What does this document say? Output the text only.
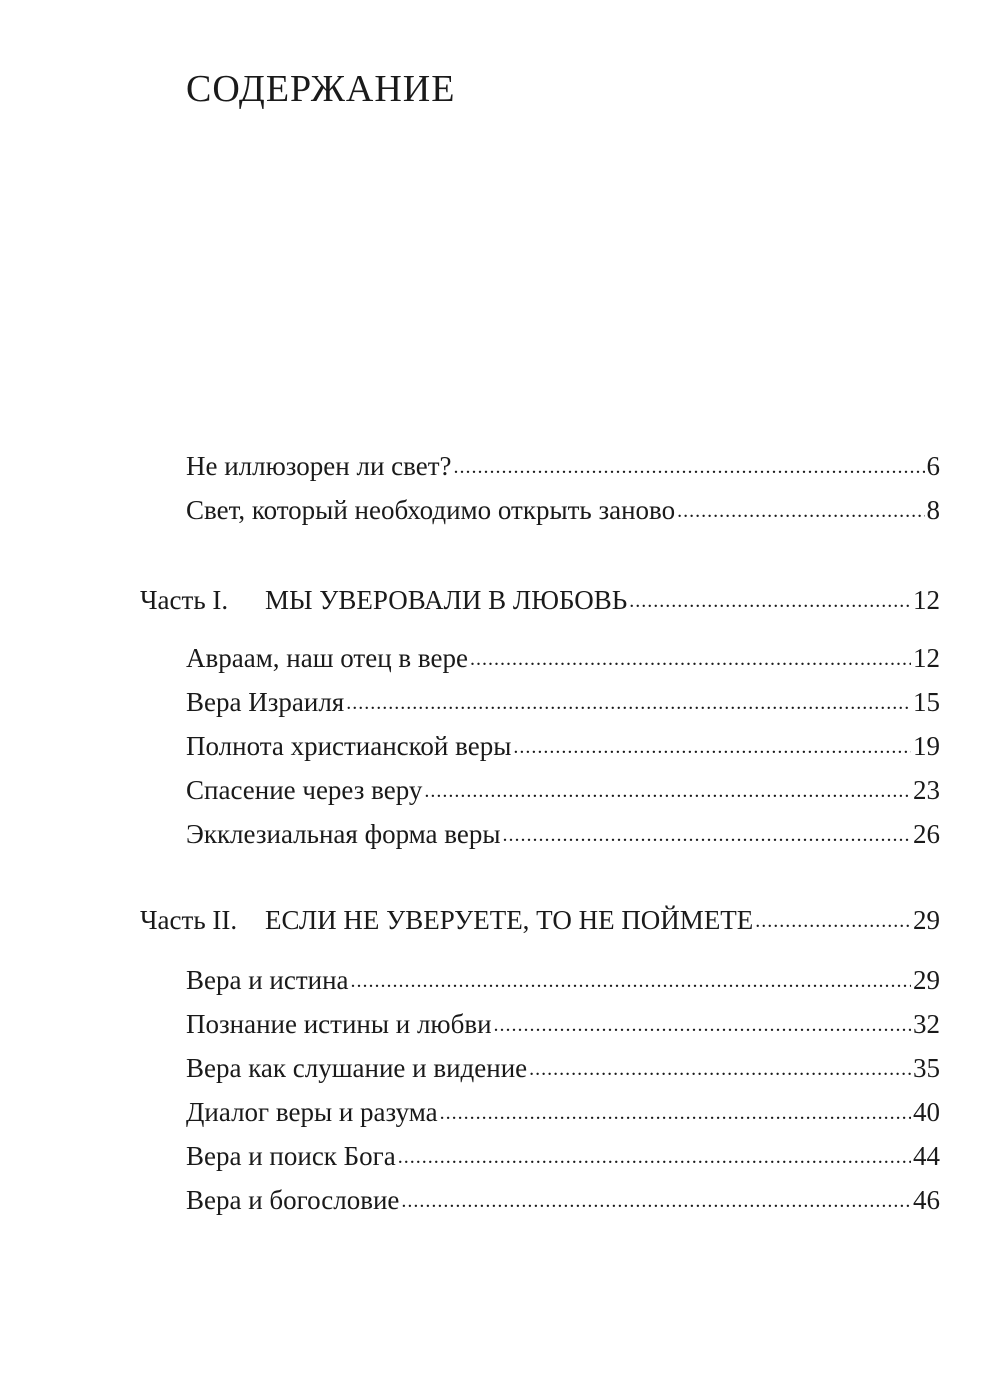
СОДЕРЖАНИЕ
Не иллюзорен ли свет? .....	6
Свет, который необходимо открыть заново .....	8
Часть I. МЫ УВЕРОВАЛИ В ЛЮБОВЬ .....	12
Авраам, наш отец в вере .....	12
Вера Израиля .....	15
Полнота христианской веры .....	19
Спасение через веру .....	23
Экклезиальная форма веры .....	26
Часть II. ЕСЛИ НЕ УВЕРУЕТЕ, ТО НЕ ПОЙМЕТЕ .....	29
Вера и истина .....	29
Познание истины и любви .....	32
Вера как слушание и видение .....	35
Диалог веры и разума .....	40
Вера и поиск Бога .....	44
Вера и богословие .....	46
